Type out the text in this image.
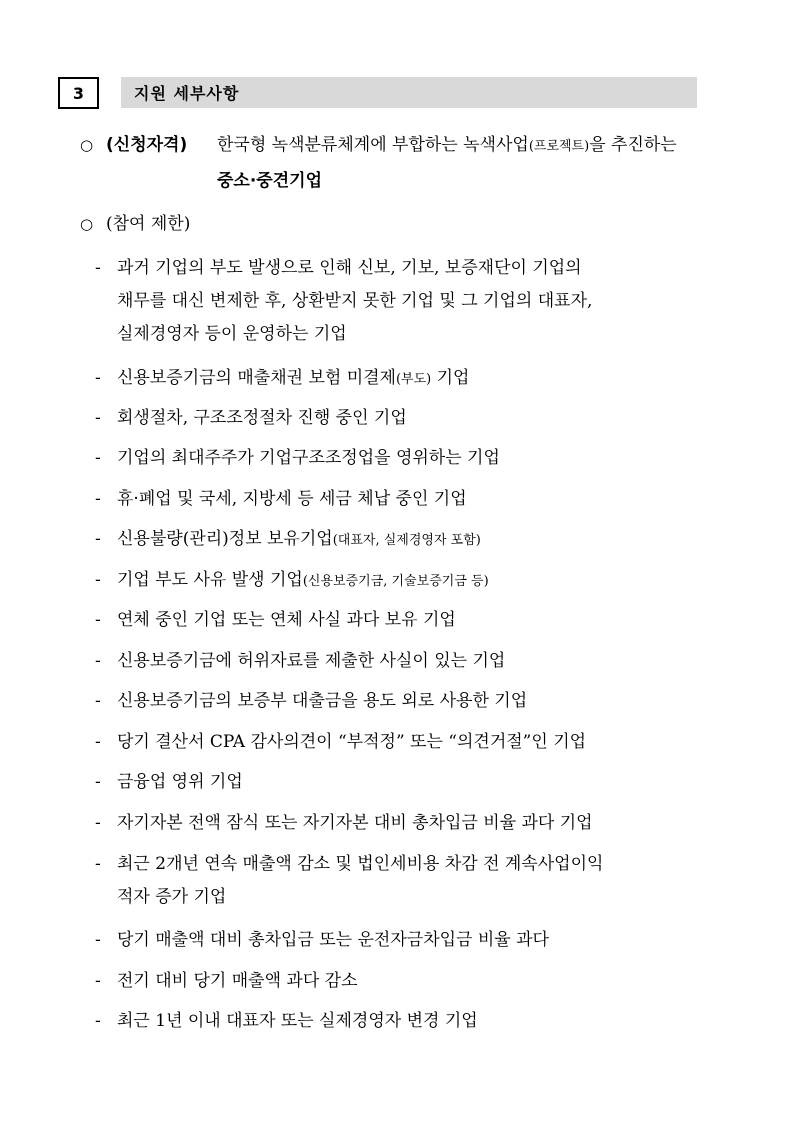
3	지원 세부사항
○ (신청자격) 한국형 녹색분류체계에 부합하는 녹색사업(프로젝트)을 추진하는
중소·중견기업
○ (참여 제한)
- 과거 기업의 부도 발생으로 인해 신보, 기보, 보증재단이 기업의
채무를 대신 변제한 후, 상환받지 못한 기업 및 그 기업의 대표자,
실제경영자 등이 운영하는 기업
- 신용보증기금의 매출채권 보험 미결제(부도) 기업
- 회생절차, 구조조정절차 진행 중인 기업
- 기업의 최대주주가 기업구조조정업을 영위하는 기업
- 휴·폐업 및 국세, 지방세 등 세금 체납 중인 기업
- 신용불량(관리)정보 보유기업(대표자, 실제경영자 포함)
- 기업 부도 사유 발생 기업(신용보증기금, 기술보증기금 등)
- 연체 중인 기업 또는 연체 사실 과다 보유 기업
- 신용보증기금에 허위자료를 제출한 사실이 있는 기업
- 신용보증기금의 보증부 대출금을 용도 외로 사용한 기업
- 당기 결산서 CPA 감사의견이 “부적정” 또는 “의견거절”인 기업
- 금융업 영위 기업
- 자기자본 전액 잠식 또는 자기자본 대비 총차입금 비율 과다 기업
- 최근 2개년 연속 매출액 감소 및 법인세비용 차감 전 계속사업이익
적자 증가 기업
- 당기 매출액 대비 총차입금 또는 운전자금차입금 비율 과다
- 전기 대비 당기 매출액 과다 감소
- 최근 1년 이내 대표자 또는 실제경영자 변경 기업
